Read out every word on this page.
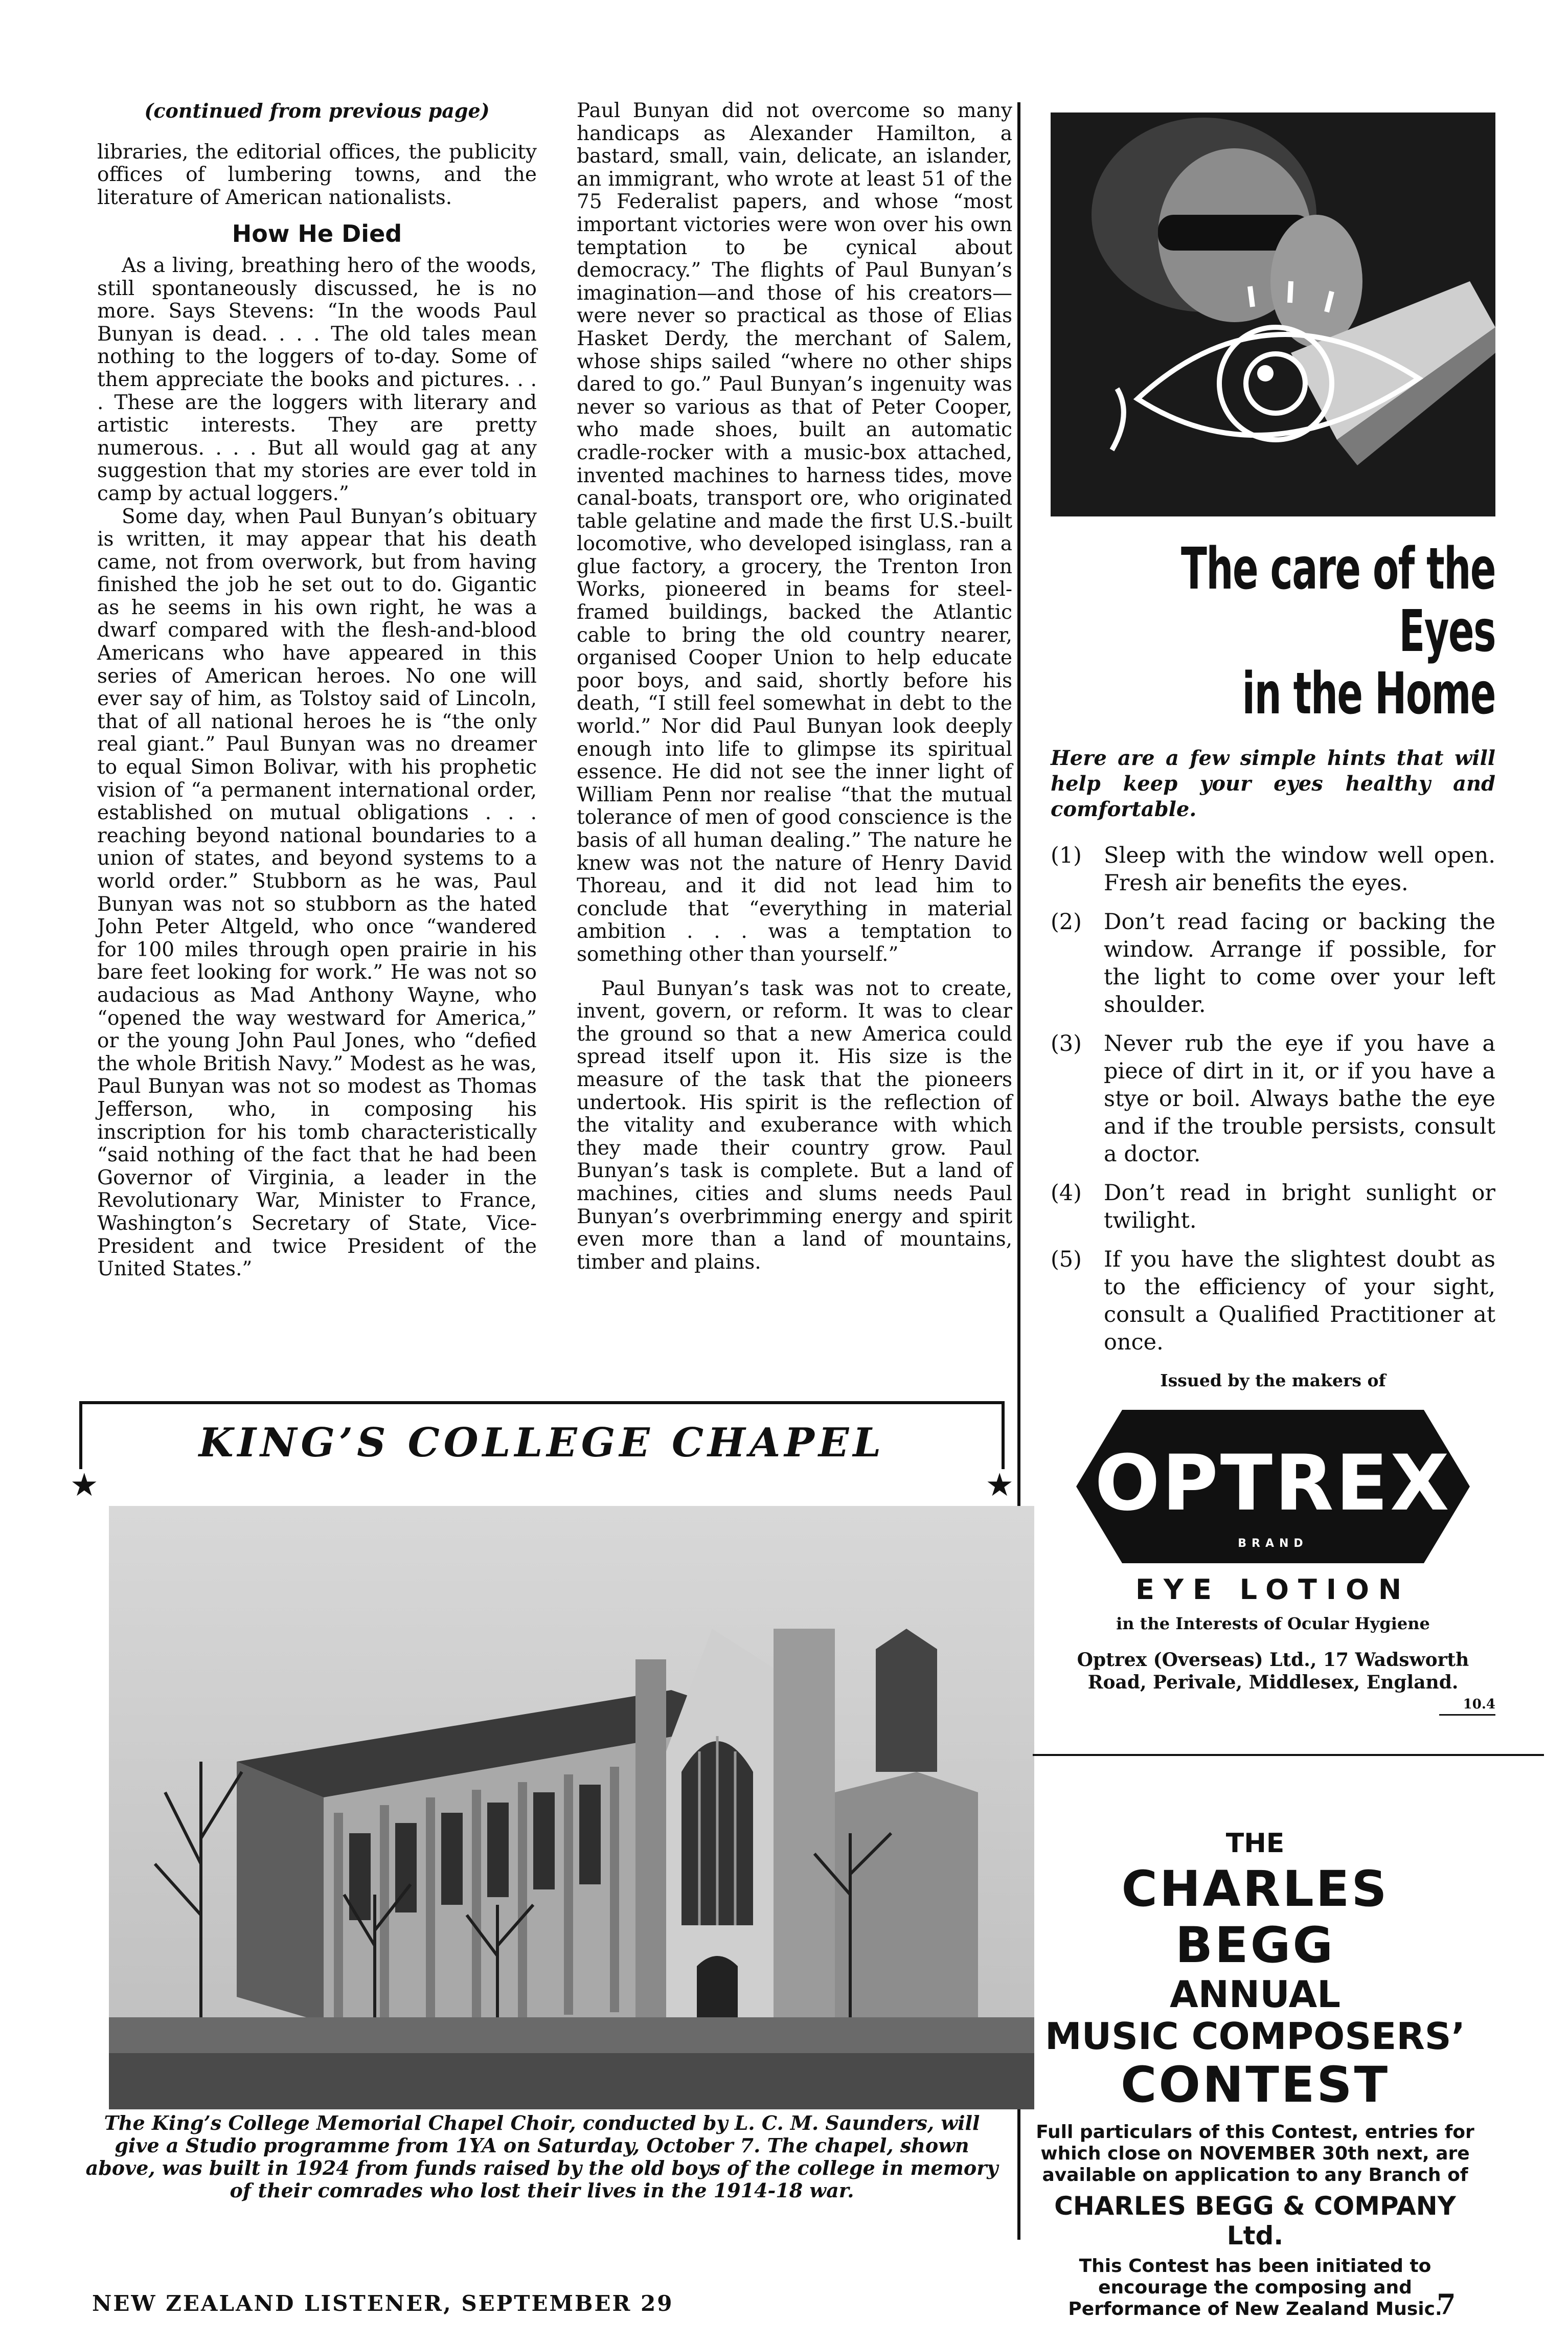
(continued from previous page)

libraries, the editorial offices, the publicity offices of lumbering towns, and the literature of American nationalists.

How He Died

As a living, breathing hero of the woods, still spontaneously discussed, he is no more. Says Stevens: “In the woods Paul Bunyan is dead. . . . The old tales mean nothing to the loggers of to-day. Some of them appreciate the books and pictures. . . . These are the loggers with literary and artistic interests. They are pretty numerous. . . . But all would gag at any suggestion that my stories are ever told in camp by actual loggers.”

Some day, when Paul Bunyan’s obituary is written, it may appear that his death came, not from overwork, but from having finished the job he set out to do. Gigantic as he seems in his own right, he was a dwarf compared with the flesh-and-blood Americans who have appeared in this series of American heroes. No one will ever say of him, as Tolstoy said of Lincoln, that of all national heroes he is “the only real giant.” Paul Bunyan was no dreamer to equal Simon Bolivar, with his prophetic vision of “a permanent international order, established on mutual obligations . . . reaching beyond national boundaries to a union of states, and beyond systems to a world order.” Stubborn as he was, Paul Bunyan was not so stubborn as the hated John Peter Altgeld, who once “wandered for 100 miles through open prairie in his bare feet looking for work.” He was not so audacious as Mad Anthony Wayne, who “opened the way westward for America,” or the young John Paul Jones, who “defied the whole British Navy.” Modest as he was, Paul Bunyan was not so modest as Thomas Jefferson, who, in composing his inscription for his tomb characteristically “said nothing of the fact that he had been Governor of Virginia, a leader in the Revolutionary War, Minister to France, Washington’s Secretary of State, Vice-President and twice President of the United States.”

Paul Bunyan did not overcome so many handicaps as Alexander Hamilton, a bastard, small, vain, delicate, an islander, an immigrant, who wrote at least 51 of the 75 Federalist papers, and whose “most important victories were won over his own temptation to be cynical about democracy.” The flights of Paul Bunyan’s imagination—and those of his creators—were never so practical as those of Elias Hasket Derdy, the merchant of Salem, whose ships sailed “where no other ships dared to go.” Paul Bunyan’s ingenuity was never so various as that of Peter Cooper, who made shoes, built an automatic cradle-rocker with a music-box attached, invented machines to harness tides, move canal-boats, transport ore, who originated table gelatine and made the first U.S.-built locomotive, who developed isinglass, ran a glue factory, a grocery, the Trenton Iron Works, pioneered in beams for steel-framed buildings, backed the Atlantic cable to bring the old country nearer, organised Cooper Union to help educate poor boys, and said, shortly before his death, “I still feel somewhat in debt to the world.” Nor did Paul Bunyan look deeply enough into life to glimpse its spiritual essence. He did not see the inner light of William Penn nor realise “that the mutual tolerance of men of good conscience is the basis of all human dealing.” The nature he knew was not the nature of Henry David Thoreau, and it did not lead him to conclude that “everything in material ambition . . . was a temptation to something other than yourself.”

Paul Bunyan’s task was not to create, invent, govern, or reform. It was to clear the ground so that a new America could spread itself upon it. His size is the measure of the task that the pioneers undertook. His spirit is the reflection of the vitality and exuberance with which they made their country grow. Paul Bunyan’s task is complete. But a land of machines, cities and slums needs Paul Bunyan’s overbrimming energy and spirit even more than a land of mountains, timber and plains.

KING’S COLLEGE CHAPEL
★	★
The King’s College Memorial Chapel Choir, conducted by L. C. M. Saunders, will give a Studio programme from 1YA on Saturday, October 7. The chapel, shown above, was built in 1924 from funds raised by the old boys of the college in memory of their comrades who lost their lives in the 1914-18 war.
NEW ZEALAND LISTENER, SEPTEMBER 29	7
The care of the Eyes
in the Home
Here are a few simple hints that will help keep your eyes healthy and comfortable.
(1)	Sleep with the window well open. Fresh air benefits the eyes.
(2)	Don’t read facing or backing the window. Arrange if possible, for the light to come over your left shoulder.
(3)	Never rub the eye if you have a piece of dirt in it, or if you have a stye or boil. Always bathe the eye and if the trouble persists, consult a doctor.
(4)	Don’t read in bright sunlight or twilight.
(5)	If you have the slightest doubt as to the efficiency of your sight, consult a Qualified Practitioner at once.
Issued by the makers of
OPTREX
BRAND
EYE LOTION
in the Interests of Ocular Hygiene
Optrex (Overseas) Ltd., 17 Wadsworth Road, Perivale, Middlesex, England.
10.4
THE
CHARLES BEGG
ANNUAL
MUSIC COMPOSERS’
CONTEST
Full particulars of this Contest, entries for which close on NOVEMBER 30th next, are available on application to any Branch of
CHARLES BEGG & COMPANY Ltd.
This Contest has been initiated to encourage the composing and Performance of New Zealand Music.
